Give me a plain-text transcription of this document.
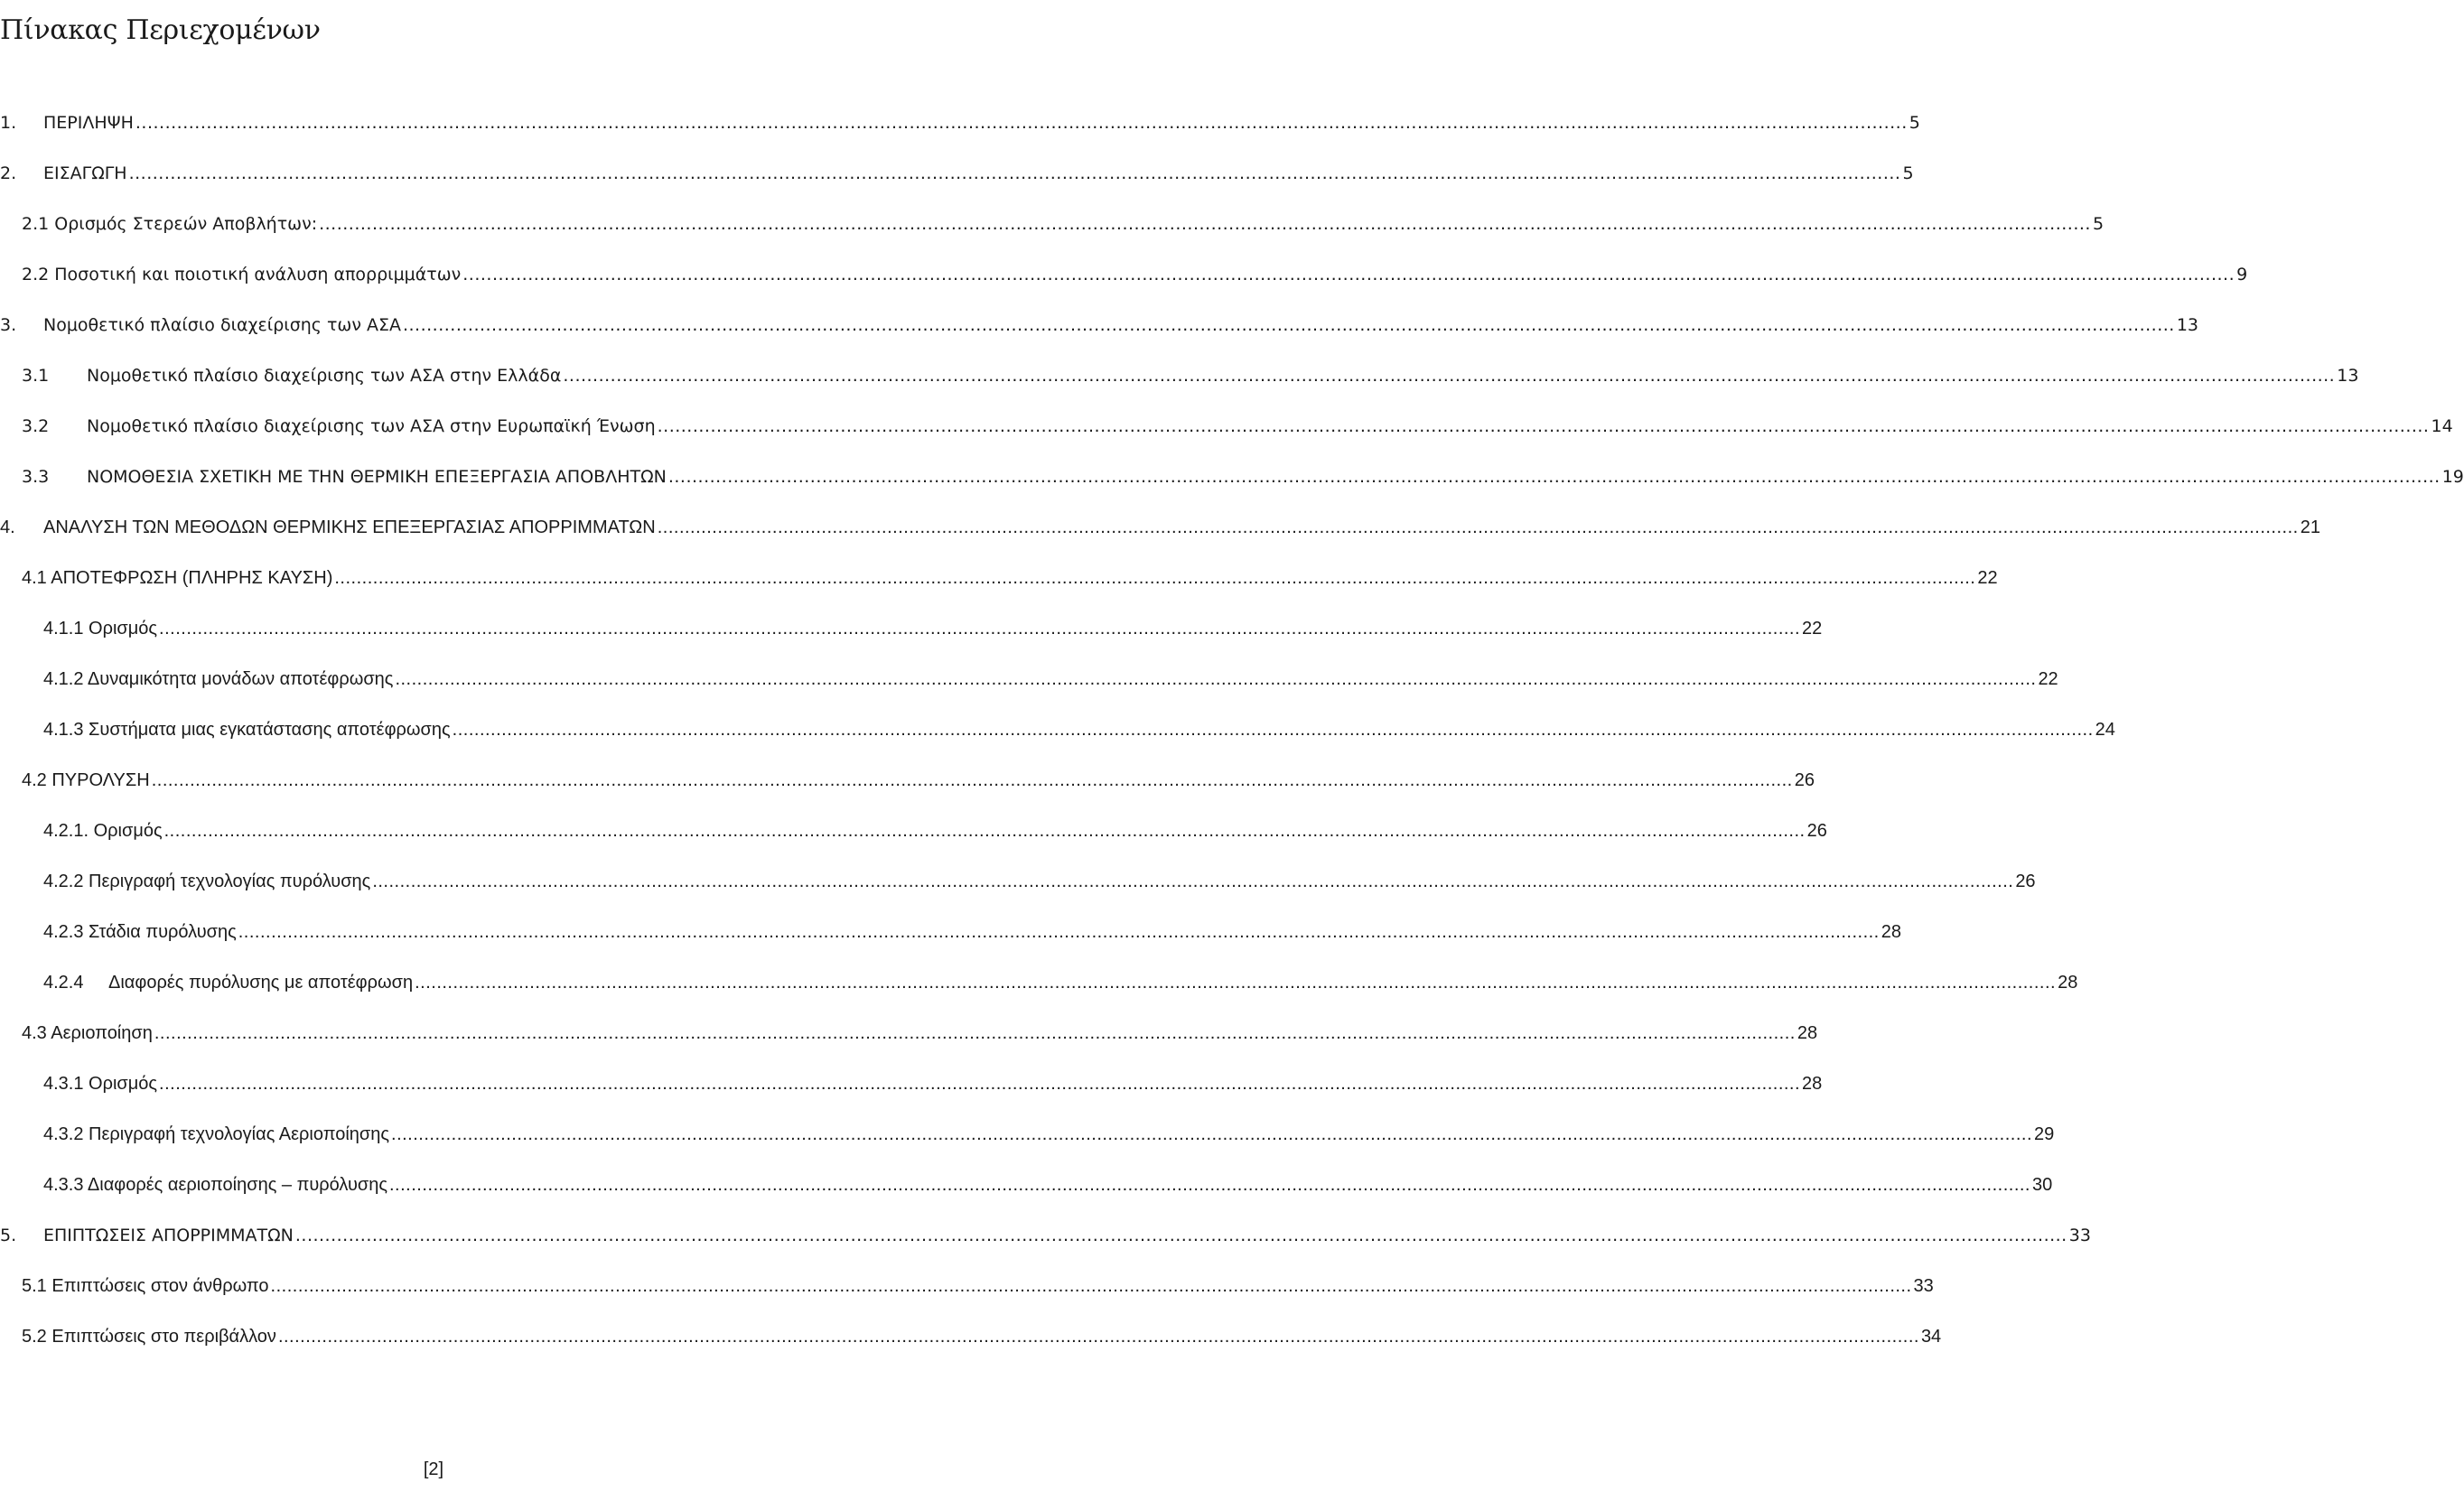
Πίνακας Περιεχομένων
1.	ΠΕΡΙΛΗΨΗ ............................................................................................................................................................................................................................................................................................................ 5
2.	ΕΙΣΑΓΩΓΗ ............................................................................................................................................................................................................................................................................................................ 5
2.1 Ορισμός Στερεών Αποβλήτων: ............................................................................................................................................................................................................................................................................................................ 5
2.2 Ποσοτική και ποιοτική ανάλυση απορριμμάτων ............................................................................................................................................................................................................................................................................................................ 9
3.	Νομοθετικό πλαίσιο διαχείρισης των ΑΣΑ ............................................................................................................................................................................................................................................................................................................ 13
3.1	Νομοθετικό πλαίσιο διαχείρισης των ΑΣΑ στην Ελλάδα ............................................................................................................................................................................................................................................................................................................ 13
3.2	Νομοθετικό πλαίσιο διαχείρισης των ΑΣΑ στην Ευρωπαϊκή Ένωση ............................................................................................................................................................................................................................................................................................................ 14
3.3	ΝΟΜΟΘΕΣΙΑ ΣΧΕΤΙΚΗ ΜΕ ΤΗΝ ΘΕΡΜΙΚΗ ΕΠΕΞΕΡΓΑΣΙΑ ΑΠΟΒΛΗΤΩΝ ............................................................................................................................................................................................................................................................................................................ 19
4.	ΑΝΑΛΥΣΗ ΤΩΝ ΜΕΘΟΔΩΝ ΘΕΡΜΙΚΗΣ ΕΠΕΞΕΡΓΑΣΙΑΣ ΑΠΟΡΡΙΜΜΑΤΩΝ ............................................................................................................................................................................................................................................................................................................ 21
4.1 ΑΠΟΤΕΦΡΩΣΗ (ΠΛΗΡΗΣ ΚΑΥΣΗ) ............................................................................................................................................................................................................................................................................................................ 22
4.1.1 Ορισμός ............................................................................................................................................................................................................................................................................................................ 22
4.1.2 Δυναμικότητα μονάδων αποτέφρωσης ............................................................................................................................................................................................................................................................................................................ 22
4.1.3 Συστήματα μιας εγκατάστασης αποτέφρωσης ............................................................................................................................................................................................................................................................................................................ 24
4.2 ΠΥΡΟΛΥΣΗ ............................................................................................................................................................................................................................................................................................................ 26
4.2.1. Ορισμός ............................................................................................................................................................................................................................................................................................................ 26
4.2.2 Περιγραφή τεχνολογίας πυρόλυσης ............................................................................................................................................................................................................................................................................................................ 26
4.2.3 Στάδια πυρόλυσης ............................................................................................................................................................................................................................................................................................................ 28
4.2.4	Διαφορές πυρόλυσης με αποτέφρωση ............................................................................................................................................................................................................................................................................................................ 28
4.3 Αεριοποίηση ............................................................................................................................................................................................................................................................................................................ 28
4.3.1 Ορισμός ............................................................................................................................................................................................................................................................................................................ 28
4.3.2 Περιγραφή τεχνολογίας Αεριοποίησης ............................................................................................................................................................................................................................................................................................................ 29
4.3.3 Διαφορές αεριοποίησης – πυρόλυσης ............................................................................................................................................................................................................................................................................................................ 30
5.	ΕΠΙΠΤΩΣΕΙΣ ΑΠΟΡΡΙΜΜΑΤΩΝ ............................................................................................................................................................................................................................................................................................................ 33
5.1 Επιπτώσεις στον άνθρωπο ............................................................................................................................................................................................................................................................................................................ 33
5.2 Επιπτώσεις στο περιβάλλον ............................................................................................................................................................................................................................................................................................................ 34
[2]
